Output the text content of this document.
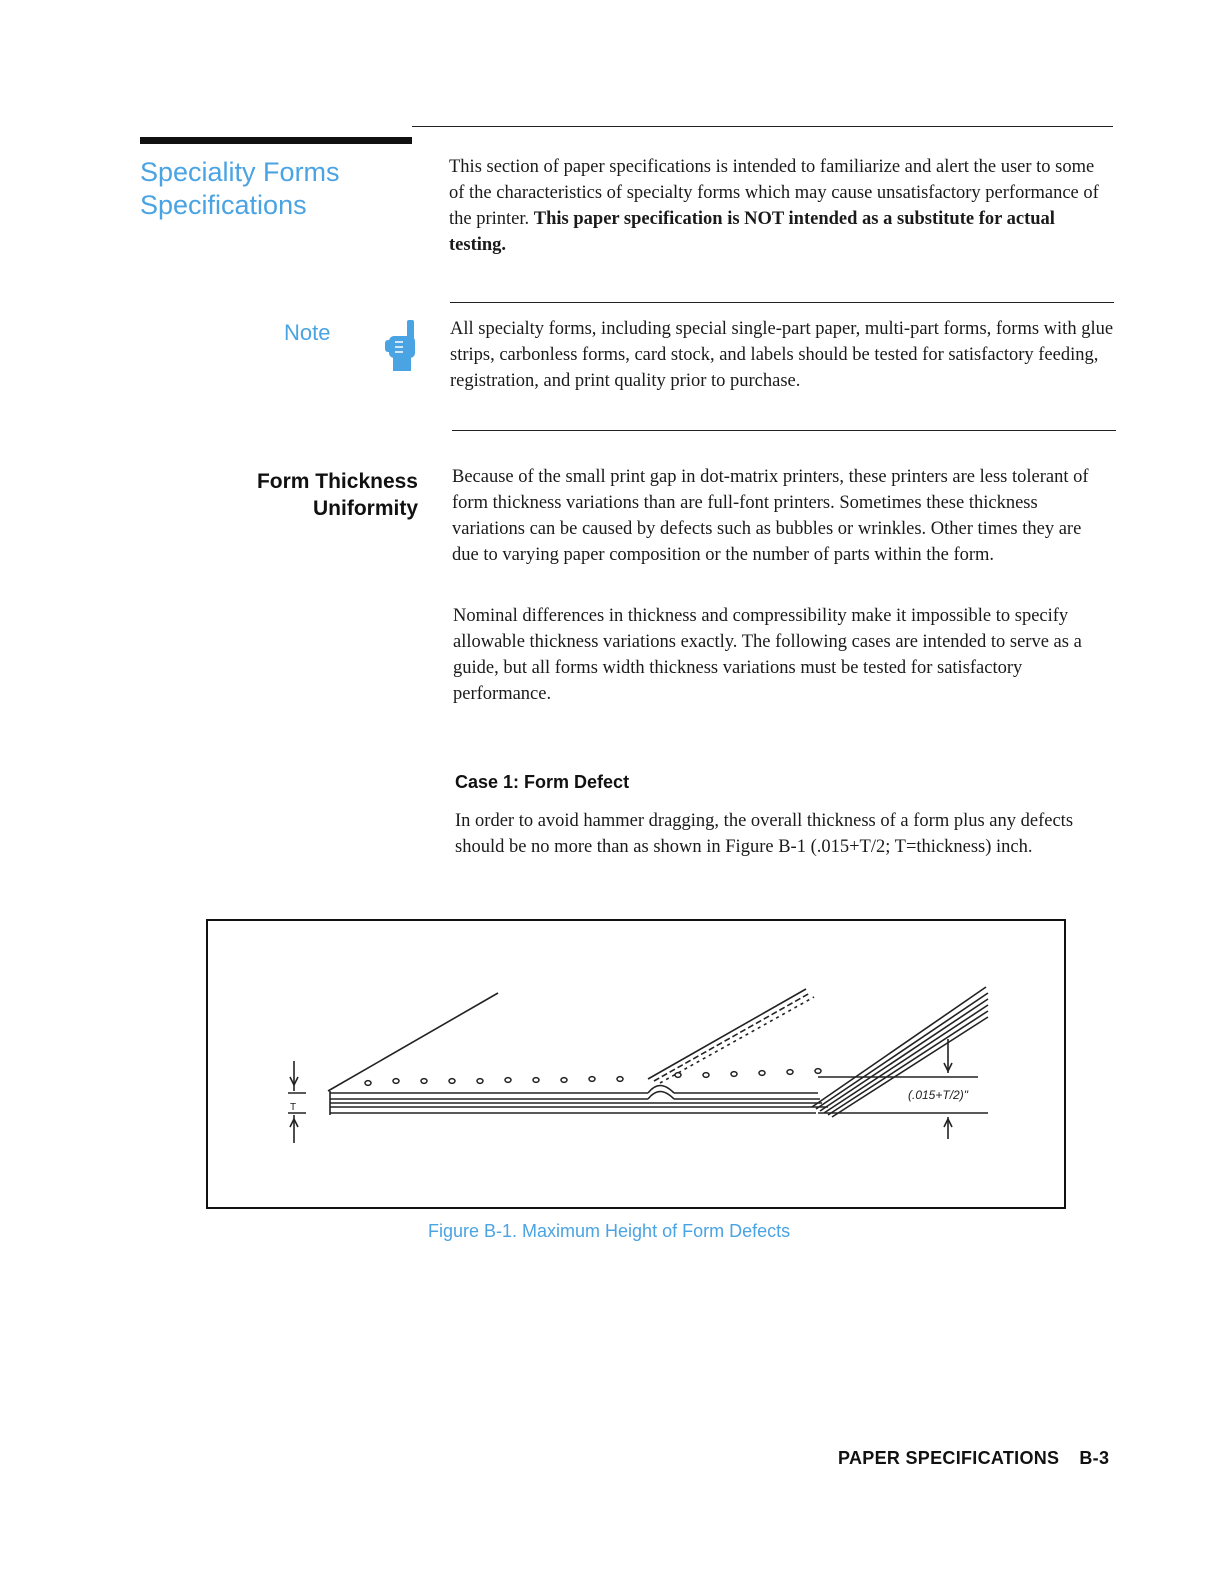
Speciality Forms
Specifications
This section of paper specifications is intended to familiarize and alert the user to some of the characteristics of specialty forms which may cause unsatisfactory performance of the printer. This paper specification is NOT intended as a substitute for actual testing.
Note	All specialty forms, including special single-part paper, multi-part forms, forms with glue strips, carbonless forms, card stock, and labels should be tested for satisfactory feeding, registration, and print quality prior to purchase.
Form Thickness
Uniformity
Because of the small print gap in dot-matrix printers, these printers are less tolerant of form thickness variations than are full-font printers. Sometimes these thickness variations can be caused by defects such as bubbles or wrinkles. Other times they are due to varying paper composition or the number of parts within the form.
Nominal differences in thickness and compressibility make it impossible to specify allowable thickness variations exactly. The following cases are intended to serve as a guide, but all forms width thickness variations must be tested for satisfactory performance.
Case 1: Form Defect
In order to avoid hammer dragging, the overall thickness of a form plus any defects should be no more than as shown in Figure B-1 (.015+T/2; T=thickness) inch.
T
(.015+T/2)"
Figure B-1. Maximum Height of Form Defects
PAPER SPECIFICATIONS B-3
